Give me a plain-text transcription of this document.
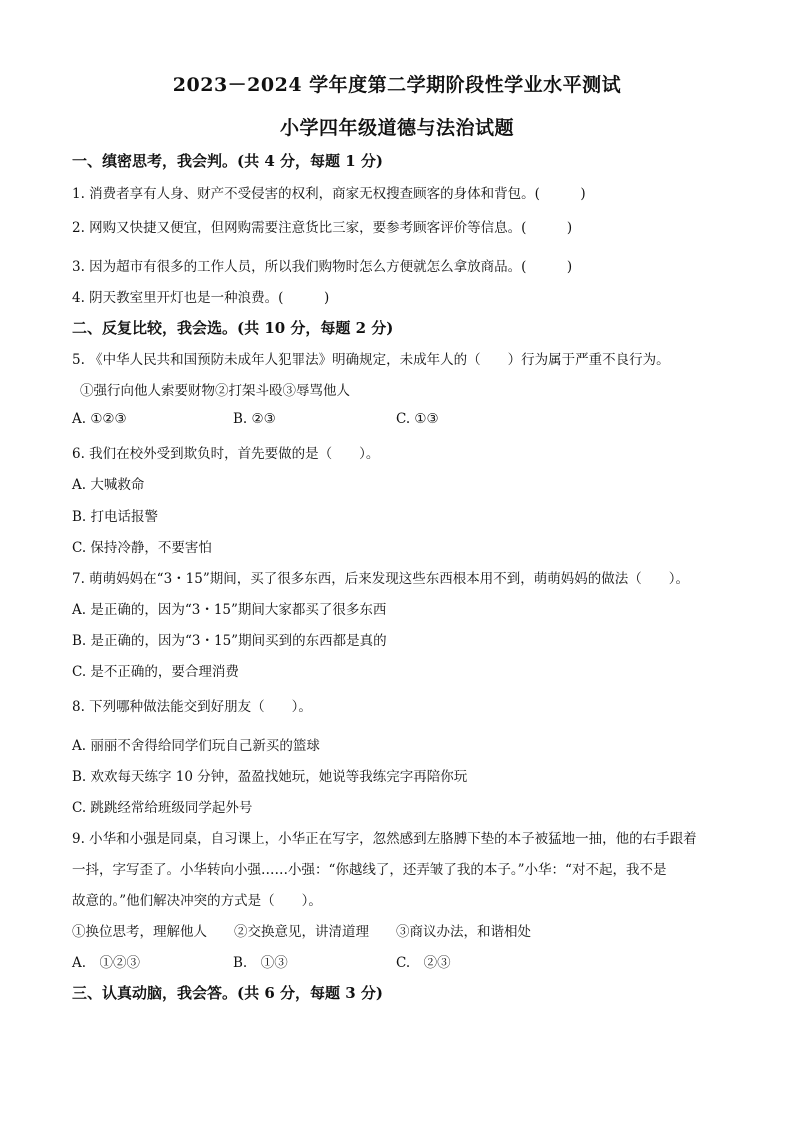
2023－2024 学年度第二学期阶段性学业水平测试
小学四年级道德与法治试题
一、缜密思考，我会判。(共 4 分，每题 1 分)
1. 消费者享有人身、财产不受侵害的权利，商家无权搜查顾客的身体和背包。(　　　)
2. 网购又快捷又便宜，但网购需要注意货比三家，要参考顾客评价等信息。(　　　)
3. 因为超市有很多的工作人员，所以我们购物时怎么方便就怎么拿放商品。(　　　)
4. 阴天教室里开灯也是一种浪费。(　　　)
二、反复比较，我会选。(共 10 分，每题 2 分)
5. 《中华人民共和国预防未成年人犯罪法》明确规定，未成年人的（　　）行为属于严重不良行为。
①强行向他人索要财物②打架斗殴③辱骂他人
A. ①②③	B. ②③	C. ①③
6. 我们在校外受到欺负时，首先要做的是（　　）。
A. 大喊救命
B. 打电话报警
C. 保持冷静，不要害怕
7. 萌萌妈妈在“3・15”期间，买了很多东西，后来发现这些东西根本用不到，萌萌妈妈的做法（　　）。
A. 是正确的，因为“3・15”期间大家都买了很多东西
B. 是正确的，因为“3・15”期间买到的东西都是真的
C. 是不正确的，要合理消费
8. 下列哪种做法能交到好朋友（　　）。
A. 丽丽不舍得给同学们玩自己新买的篮球
B. 欢欢每天练字 10 分钟，盈盈找她玩，她说等我练完字再陪你玩
C. 跳跳经常给班级同学起外号
9. 小华和小强是同桌，自习课上，小华正在写字，忽然感到左胳膊下垫的本子被猛地一抽，他的右手跟着
一抖，字写歪了。小华转向小强……小强：“你越线了，还弄皱了我的本子。”小华：“对不起，我不是
故意的。”他们解决冲突的方式是（　　）。
①换位思考，理解他人　　②交换意见，讲清道理　　③商议办法，和谐相处
A.　①②③	B.　①③	C.　②③
三、认真动脑，我会答。(共 6 分，每题 3 分)
